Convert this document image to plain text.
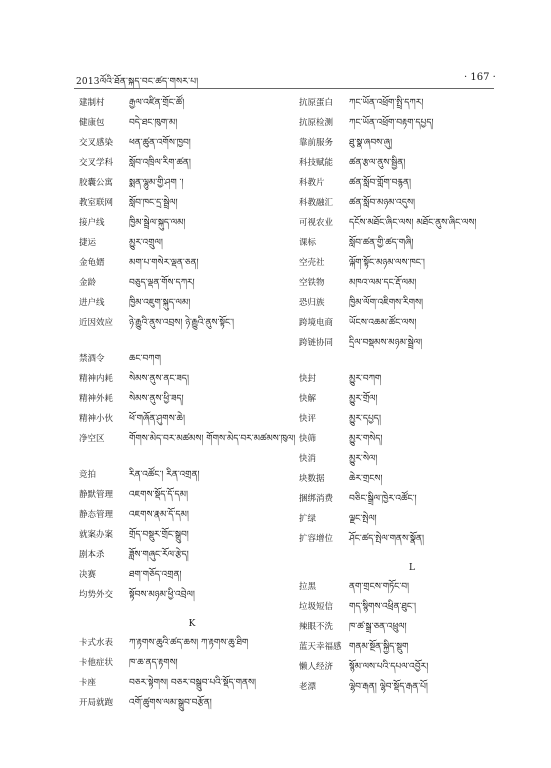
2013ལོའི་ཐོན་སྐད་བང་ཚད་གསར་པ།	· 167 ·
建制村	རྒྱལ་འཛིན་གྲོང་ཚོ།
健康包	བདེ་ཐང་ཁུག་མ།
交叉感染	ཕན་ཚུན་འགོས་ཁྱབ།
交叉学科	སློབ་འཁྲིལ་རིག་ཚན།
胶囊公寓	སྨན་ལྷུམ་གྱི་ཤག ་།
教室联网	སློབ་ཁང་དྲ་སྦྲེལ།
接户线	ཁྱིམ་སྦྲེལ་སྐུད་ལམ།
捷运	མྱུར་འགྲུལ།
金龟婿	མག་པ་གསེར་ལྡན་ཅན།
金龄	བཅུད་ལྡན་གོས་དཀར།
进户线	ཁྱིམ་འཇུག་སྐུད་ལམ།
近因效应	ཉེ་རྒྱུའི་ནུས་འབྲས། ཉེ་རྒྱུའི་ནུས་སྟོང་།
禁酒令	ཆང་བཀག
精神内耗	སེམས་ནུས་ནང་ཟད།
精神外耗	སེམས་ནུས་ཕྱི་ཟད།
精神小伙	ཕོ་གཞོན་ཤུགས་ཆེ།
净空区	གོགས་མེད་བར་མཚམས། གོགས་མེད་བར་མཚམས་ཁུལ།
竞拍	རིན་འཚོང་། རིན་འགྲན།
静默管理	འཇགས་སྡོད་དོ་དམ།
静态管理	འཇགས་རྣམ་དོ་དམ།
就案办案	གྲོད་བསྡུར་གྲོང་སྒྲུབ།
剧本杀	ཟློས་གཞུང་རོལ་རྩེད།
决赛	ཐག་གཅོད་འགྲན།
均势外交	སྟོབས་མཉམ་ཕྱི་འབྲེལ།
K
卡式水表	ཀ་རྟགས་ཆུའི་ཚད་ཆས། ཀ་རྟགས་ཆུ་ཐིག
卡他症状	ཁ་ཆ་ནད་རྟགས།
卡座	བཅར་སྟེགས། བཅར་བསྒྲུབ་པའི་སྡོད་གནས།
开局就跑	འགོ་ཚུགས་ལམ་སྒྲུབ་བརྩོན།
抗原蛋白	ཀང་ཡོན་འཕྲོག་སྤྲི་དཀར།
抗原检测	ཀང་ཡོན་འཕྲོག་བརྟག་དཔྱད།
靠前服务	ཐུ་སྣ་ཞབས་ཞུ།
科技赋能	ཚན་རྩལ་ནུས་སྦྱིན།
科教片	ཚན་སློབ་གློག་བརྙན།
科教融汇	ཚན་སློབ་མཉམ་འདུས།
可视农业	དངོས་མཐོང་ཞིང་ལས། མཐོང་ནུས་ཞིང་ལས།
课标	སློབ་ཚན་གྱི་ཚད་གཞི།
空壳社	ལྐོག་སྟོང་མཉམ་ལས་ཁང་།
空铁物	མཁའ་ལམ་དང་རྡོ་ལམ།
恐归族	ཁྱིམ་ལོག་འཇིགས་རིགས།
跨境电商	ཡོངས་འཆམ་ཚོང་ལས།
跨链协同	དྲིལ་བསྡམས་མཉམ་སྦྲེལ།
快封	མྱུར་བཀག
快解	མྱུར་གྲོལ།
快评	མྱུར་དཔྱད།
快筛	མྱུར་གསེད།
快消	མྱུར་སེལ།
块数据	ཆེར་གྲངས།
捆绑消费	བཅིང་སྒྲིལ་ཁྱེར་འཚོང་།
扩绿	ལྗང་སྤེལ།
扩容增位	ཤོང་ཚད་སྤེལ་གནས་སྣོན།
L
拉黑	ནག་གྲངས་གཏོང་བ།
垃圾短信	གད་སྙིགས་འཕྲིན་ཐུང་།
辣眼不洗	ཁ་ཚ་སྒྲ་ཅན་འཕྲུལ།
蓝天幸福感 གནམ་སྔོན་སྐྱིད་སྡུག
懒人经济	སྙོམ་ལས་པའི་དཔལ་འབྱོར།
老漂	ལྷེབ་རྒན། ལྷེབ་སྡོད་རྒན་པོ།
